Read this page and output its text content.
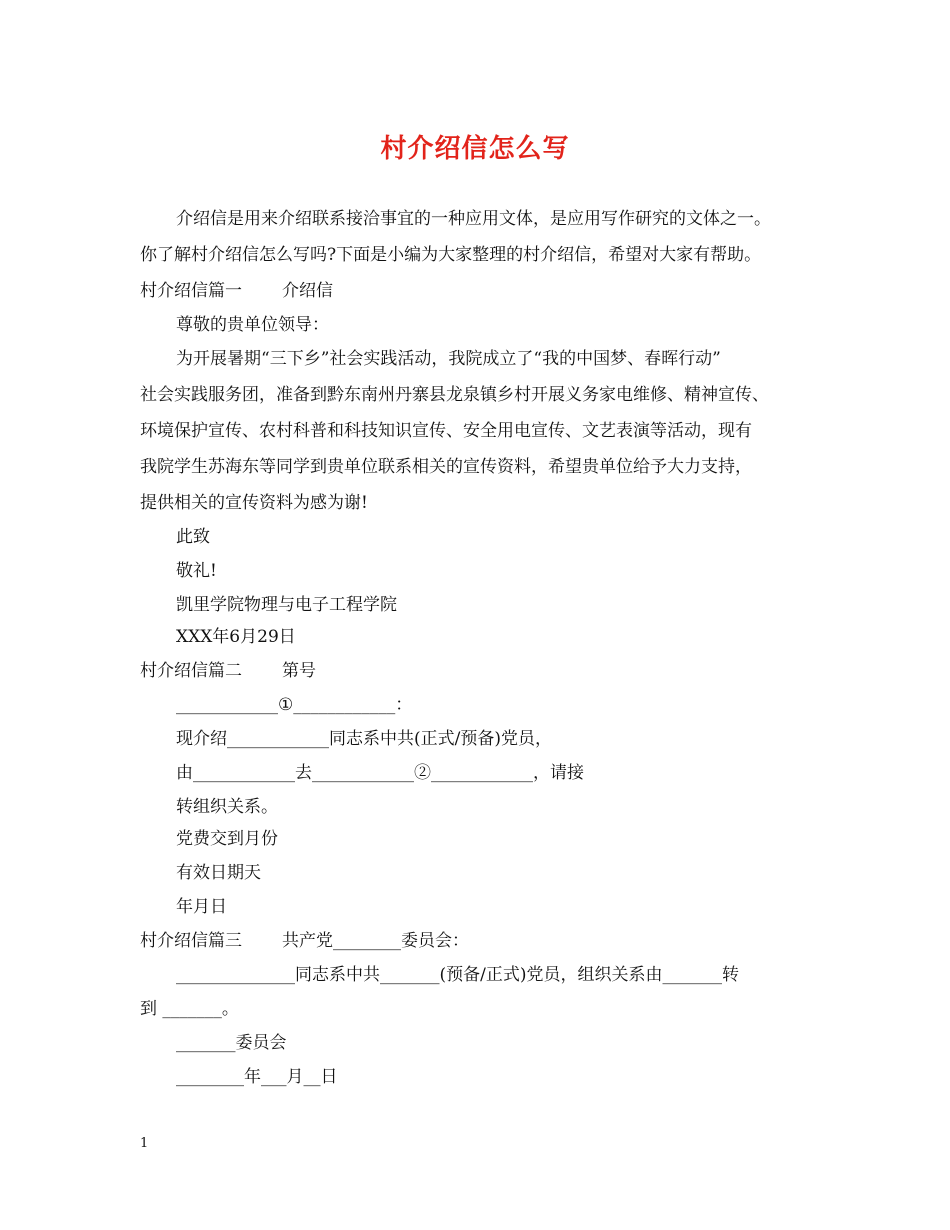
村介绍信怎么写
介绍信是用来介绍联系接洽事宜的一种应用文体，是应用写作研究的文体之一。
你了解村介绍信怎么写吗?下面是小编为大家整理的村介绍信，希望对大家有帮助。
村介绍信篇一 介绍信
尊敬的贵单位领导：
为开展暑期“三下乡”社会实践活动，我院成立了“我的中国梦、春晖行动”
社会实践服务团，准备到黔东南州丹寨县龙泉镇乡村开展义务家电维修、精神宣传、
环境保护宣传、农村科普和科技知识宣传、安全用电宣传、文艺表演等活动，现有
我院学生苏海东等同学到贵单位联系相关的宣传资料，希望贵单位给予大力支持，
提供相关的宣传资料为感为谢!
此致
敬礼!
凯里学院物理与电子工程学院
XXX年6月29日
村介绍信篇二 第号
____________①____________：
现介绍____________同志系中共(正式/预备)党员，
由____________去____________②____________，请接
转组织关系。
党费交到月份
有效日期天
年月日
村介绍信篇三 共产党________委员会：
______________同志系中共_______(预备/正式)党员，组织关系由_______转
到 _______。
_______委员会
________年___月__日
1
